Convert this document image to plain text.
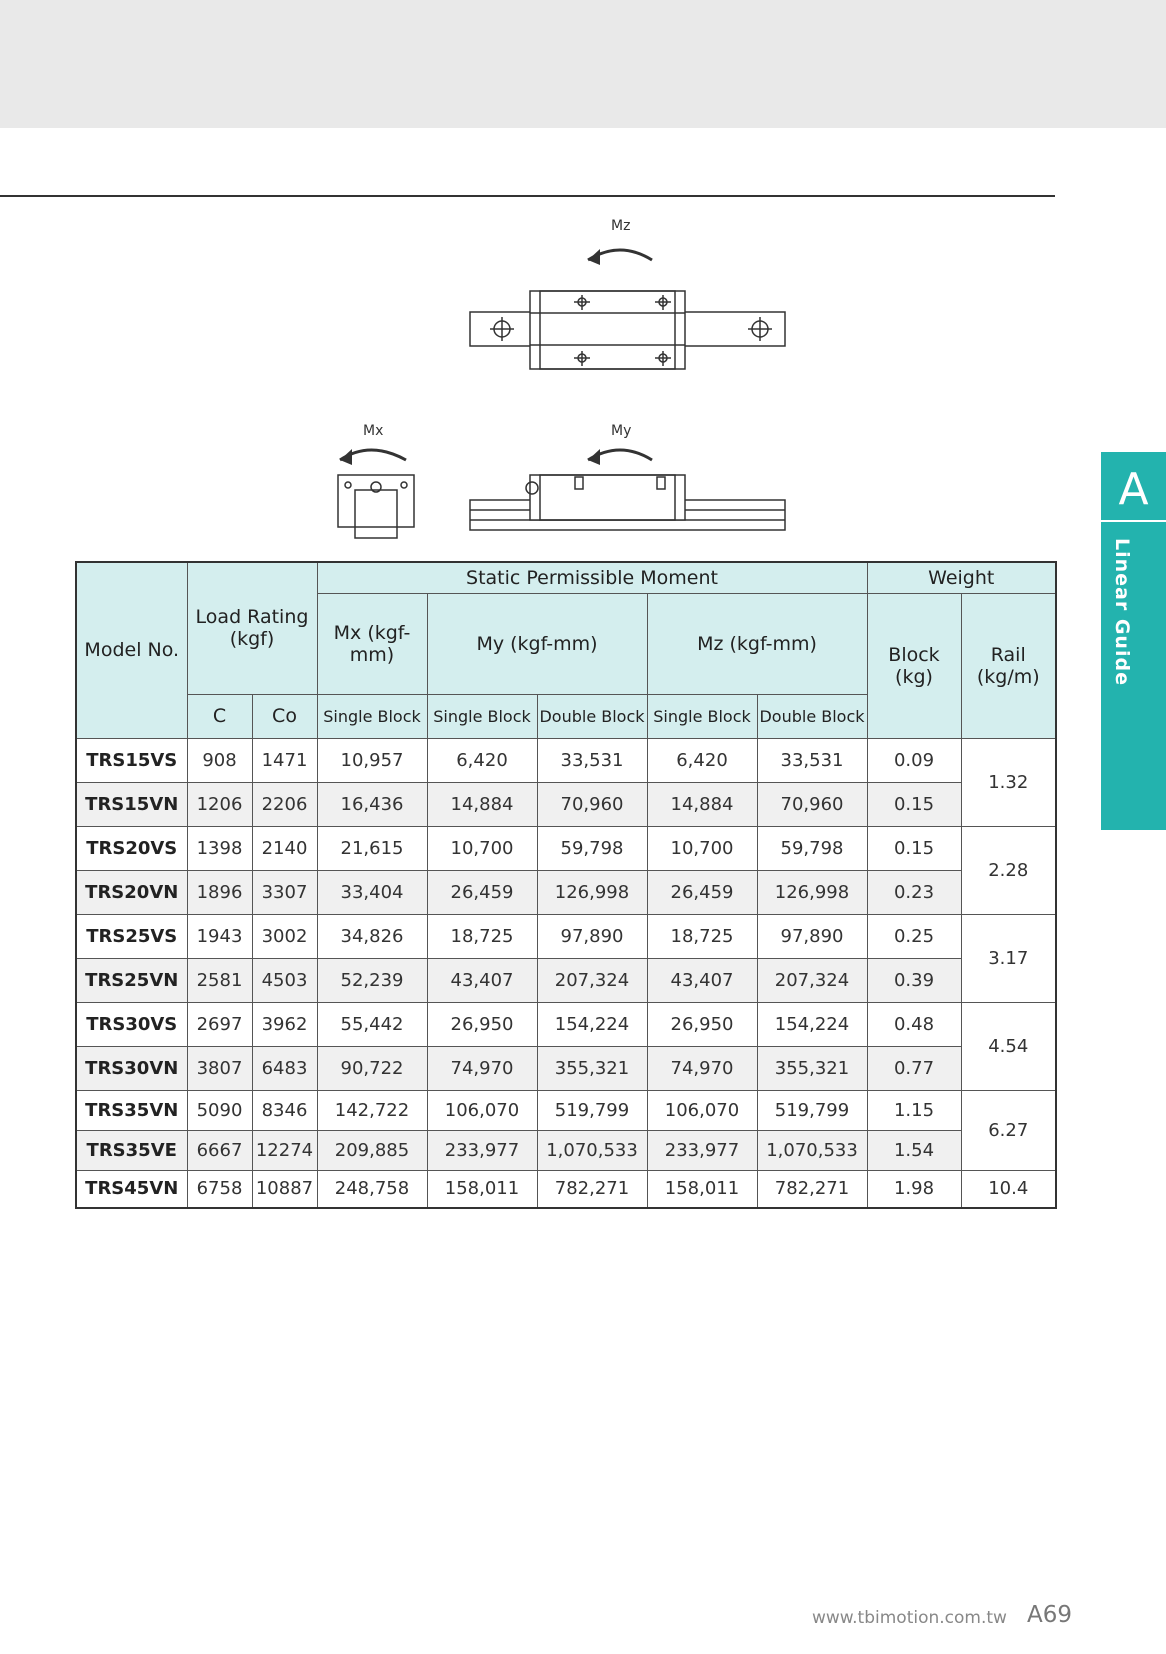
A
Linear Guide
Mz
Mx	My
Model No.	Load Rating (kgf)		Static Permissible Moment					Weight	
			Mx (kgf-mm)	My (kgf-mm)		Mz (kgf-mm)		Block (kg)	Rail (kg/m)
	C	Co	Single Block	Single Block	Double Block	Single Block	Double Block		
TRS15VS	908	1471	10,957	6,420	33,531	6,420	33,531	0.09	1.32
TRS15VN	1206	2206	16,436	14,884	70,960	14,884	70,960	0.15	
TRS20VS	1398	2140	21,615	10,700	59,798	10,700	59,798	0.15	2.28
TRS20VN	1896	3307	33,404	26,459	126,998	26,459	126,998	0.23	
TRS25VS	1943	3002	34,826	18,725	97,890	18,725	97,890	0.25	3.17
TRS25VN	2581	4503	52,239	43,407	207,324	43,407	207,324	0.39	
TRS30VS	2697	3962	55,442	26,950	154,224	26,950	154,224	0.48	4.54
TRS30VN	3807	6483	90,722	74,970	355,321	74,970	355,321	0.77	
TRS35VN	5090	8346	142,722	106,070	519,799	106,070	519,799	1.15	6.27
TRS35VE	6667	12274	209,885	233,977	1,070,533	233,977	1,070,533	1.54	
TRS45VN	6758	10887	248,758	158,011	782,271	158,011	782,271	1.98	10.4
www.tbimotion.com.tw A69
